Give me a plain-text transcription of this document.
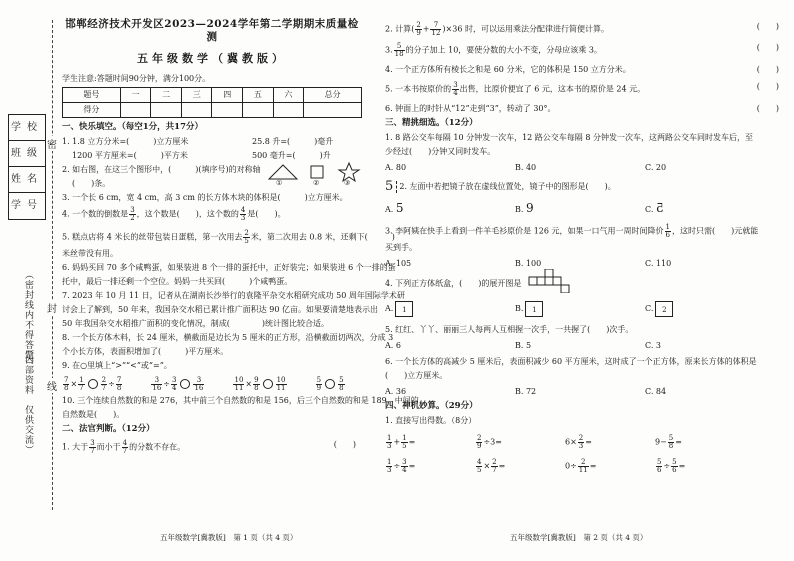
学校
班级
姓名
学号
（密封线内不得答题）
（内部资料　仅供交流）
密
封
线
邯郸经济技术开发区2023—2024学年第二学期期末质量检测
五年级数学（冀教版）
学生注意:答题时间90分钟，满分100分。
题号	一	二	三	四	五	六	总分
得分							
一、快乐填空。（每空1分，共17分）
1. 1.8 立方分米=(　　　)立方厘米	25.8 升=(　　　)毫升
1200 平方厘米=(　　　)平方米	500 毫升=(　　　)升
2. 如右图，在这三个图形中，(　　　)(填序号)的对称轴
(　　)条。	①	②	③
3. 一个长 6 cm，宽 4 cm，高 3 cm 的长方体木块的体积是(　　　)立方厘米。
4. 一个数的倒数是 $\frac{3}{2}$ ，这个数是(　　)，这个数的 $\frac{4}{3}$ 是(　　)。
5. 糕点店将 4 米长的丝带包装日蛋糕，第一次用去 $\frac{2}{5}$ 米，第二次用去 0.8 米，还剩下(　　　)
米丝带没有用。
6. 妈妈买回 70 多个咸鸭蛋，如果装进 8 个一排的蛋托中，正好装完；如果装进 6 个一排的蛋
托中，最后一排还剩一个空位。妈妈一共买回(　　　)个咸鸭蛋。
7. 2023 年 10 月 11 日，记者从在湖南长沙举行的袁隆平杂交水稻研究成功 50 周年国际学术研
讨会上了解到，50 年来，我国杂交水稻已累计推广面积达 90 亿亩。如果要清楚地表示出
50 年我国杂交水稻推广面积的变化情况，制成(　　　　)统计图比较合适。
8. 一个长方体木料，长 24 厘米，横截面是边长为 5 厘米的正方形，沿横截面切两次，分成 3
个小长方体，表面积增加了(　　　)平方厘米。
9. 在○里填上“>”“<”或“=”。
$\frac{7}{8} \times \frac{1}{7} \frac{2}{7} \div \frac{7}{8}$
	$\frac{3}{16} \div \frac{3}{4} \frac{3}{16}$
	$\frac{10}{11} \times \frac{9}{8} \frac{10}{11}$
	$\frac{5}{9} \frac{5}{8}$
10. 三个连续自然数的和是 276，其中前三个自然数的和是 156，后三个自然数的和是 189，中间的
自然数是(　　)。
二、法官判断。（12分）
1. 大于 $\frac{3}{7}$ 而小于 $\frac{4}{7}$ 的分数不存在。	(　　)
2. 计算( $\frac{2}{9} + \frac{7}{12} )\times 36$ 时，可以运用乘法分配律进行简便计算。	(　　)
3. $\frac{5}{18}$ 的分子加上 10，要使分数的大小不变，分母应该乘 3。	(　　)
4. 一个正方体所有棱长之和是 60 分米，它的体积是 150 立方分米。	(　　)
5. 一本书按原价的 $\frac{3}{4}$ 出售，比原价便宜了 6 元，这本书的原价是 24 元。	(　　)
6. 钟面上的时针从“12”走到“3”，转动了 30°。	(　　)
三、精挑细选。（12分）
1. 8 路公交车每隔 10 分钟发一次车，12 路公交车每隔 8 分钟发一次车，这两路公交车同时发车后，至
少经过(　　)分钟又同时发车。
A. 80	B. 40	C. 20
5 2. 左面中若把镜子放在虚线位置处，镜子中的图形是(　　)。
A. 5	B. 9	C. 5
3. 李阿姨在快手上看到一件羊毛衫原价是 126 元，如果一口气用一周时间降价 $\frac{1}{6}$ ，这时只需(　　)元就能
买到手。
A. 105	B. 100	C. 110
4. 下列正方体纸盒，(　　)的展开图是
A. 1	B. 1	C. 2
5. 红红、丫丫、丽丽三人每两人互相握一次手，一共握了(　　)次手。
A. 6	B. 5	C. 3
6. 一个长方体的高减少 5 厘米后，表面积减少 60 平方厘米，这时成了一个正方体，原来长方体的体积是
(　　)立方厘米。
A. 36	B. 72	C. 84
四、神机妙算。（29分）
1. 直接写出得数。（8分）
$\frac{1}{3} + \frac{1}{5}$ =	$\frac{2}{9} \div 3=$	$6\times \frac{2}{3}$ =	$9- \frac{5}{8}$ =
$\frac{1}{3} \div \frac{3}{4}$ =	$\frac{4}{5} \times \frac{2}{7}$ =	$0\div \frac{2}{11}$ =	$\frac{5}{6} \div \frac{5}{6}$ =
五年级数学[冀教版]　第 1 页（共 4 页）	五年级数学[冀教版]　第 2 页（共 4 页）
